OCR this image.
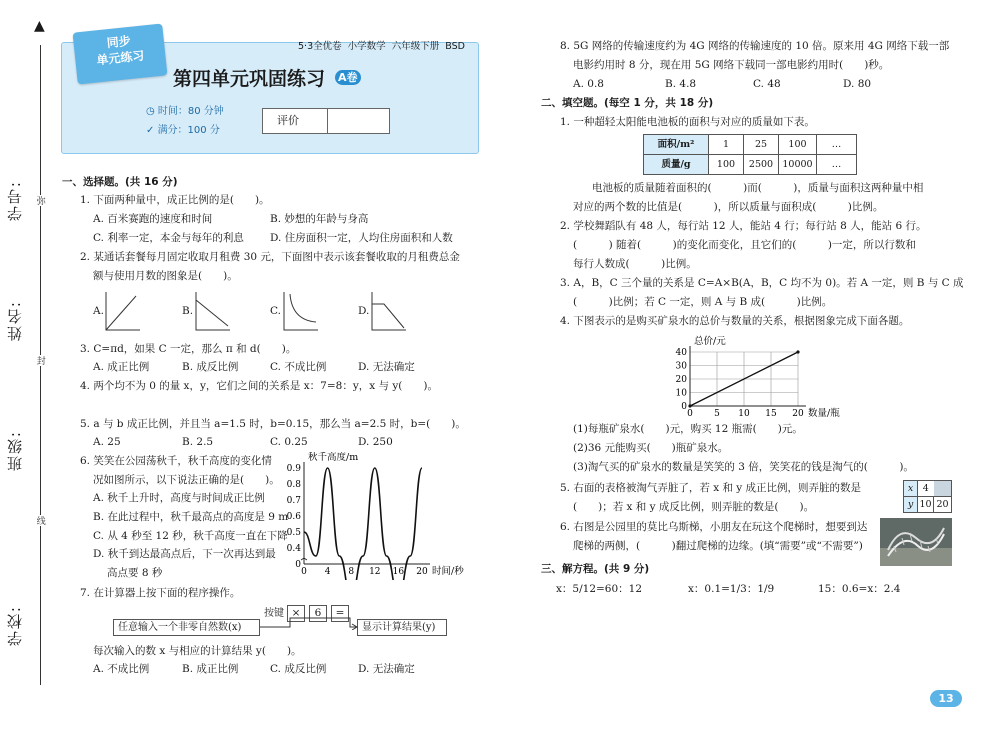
▲
学号:
姓名:
班级:
学校:
弥
封
线
同步
单元练习
5·3全优卷 小学数学 六年级下册 BSD
第四单元巩固练习 A卷
◷ 时间：80 分钟
✓ 满分：100 分
评价
一、选择题。(共 16 分)
1. 下面两种量中，成正比例的是(　　)。
A. 百米赛跑的速度和时间	B. 妙想的年龄与身高
C. 利率一定，本金与每年的利息 D. 住房面积一定，人均住房面积和人数
2. 某通话套餐每月固定收取月租费 30 元，下面图中表示该套餐收取的月租费总金
额与使用月数的图象是(　　)。
A.	B.	C.	D.
3. C=πd，如果 C 一定，那么 π 和 d(　　)。
A. 成正比例	B. 成反比例	C. 不成比例	D. 无法确定
4. 两个均不为 0 的量 x，y，它们之间的关系是 x：7=8：y，x 与 y(　　)。
5. a 与 b 成正比例，并且当 a=1.5 时，b=0.15，那么当 a=2.5 时，b=(　　)。
A. 25	B. 2.5	C. 0.25	D. 250
6. 笑笑在公园荡秋千，秋千高度的变化情
况如图所示，以下说法正确的是(　　)。
A. 秋千上升时，高度与时间成正比例
B. 在此过程中，秋千最高点的高度是 9 m
C. 从 4 秒至 12 秒，秋千高度一直在下降
D. 秋千到达最高点后，下一次再达到最
高点要 8 秒	0 4 8 12 16 20
0.4
0.5
0.6
0.7
0.8
0.9
0
秋千高度/m
时间/秒
7. 在计算器上按下面的程序操作。
按键 ×	6	=
任意输入一个非零自然数(x)	显示计算结果(y)
每次输入的数 x 与相应的计算结果 y(　　)。
A. 不成比例	B. 成正比例	C. 成反比例	D. 无法确定
8. 5G 网络的传输速度约为 4G 网络的传输速度的 10 倍。原来用 4G 网络下载一部
电影约用时 8 分，现在用 5G 网络下载同一部电影约用时(　　)秒。
A. 0.8	B. 4.8	C. 48	D. 80
二、填空题。(每空 1 分，共 18 分)
1. 一种超轻太阳能电池板的面积与对应的质量如下表。
面积/m²	1	25	100	…
质量/g	100	2500	10000	…
电池板的质量随着面积的(　　　)而(　　　)，质量与面积这两种量中相
对应的两个数的比值是(　　　)，所以质量与面积成(　　　)比例。
2. 学校舞蹈队有 48 人，每行站 12 人，能站 4 行；每行站 8 人，能站 6 行。
(　　　) 随着(　　　)的变化而变化，且它们的(　　　)一定，所以行数和
每行人数成(　　　)比例。
3. A，B，C 三个量的关系是 C=A×B(A，B，C 均不为 0)。若 A 一定，则 B 与 C 成
(　　　)比例；若 C 一定，则 A 与 B 成(　　　)比例。
4. 下图表示的是购买矿泉水的总价与数量的关系，根据图象完成下面各题。
0 5 10 15 20
10
20
30
40
0
总价/元
数量/瓶
(1)每瓶矿泉水(　　)元，购买 12 瓶需(　　)元。
(2)36 元能购买(　　)瓶矿泉水。
(3)淘气买的矿泉水的数量是笑笑的 3 倍，笑笑花的钱是淘气的(　　　)。
5. 右面的表格被淘气弄脏了，若 x 和 y 成正比例，则弄脏的数是
(　　)；若 x 和 y 成反比例，则弄脏的数是(　　)。
x	4	
y	10	20
6. 右图是公园里的莫比乌斯梯，小朋友在玩这个爬梯时，想要到达
爬梯的两侧，(　　　)翻过爬梯的边缘。(填“需要”或“不需要”)
三、解方程。(共 9 分)
x：5/12=60：12	x：0.1=1/3：1/9	15：0.6=x：2.4
13
